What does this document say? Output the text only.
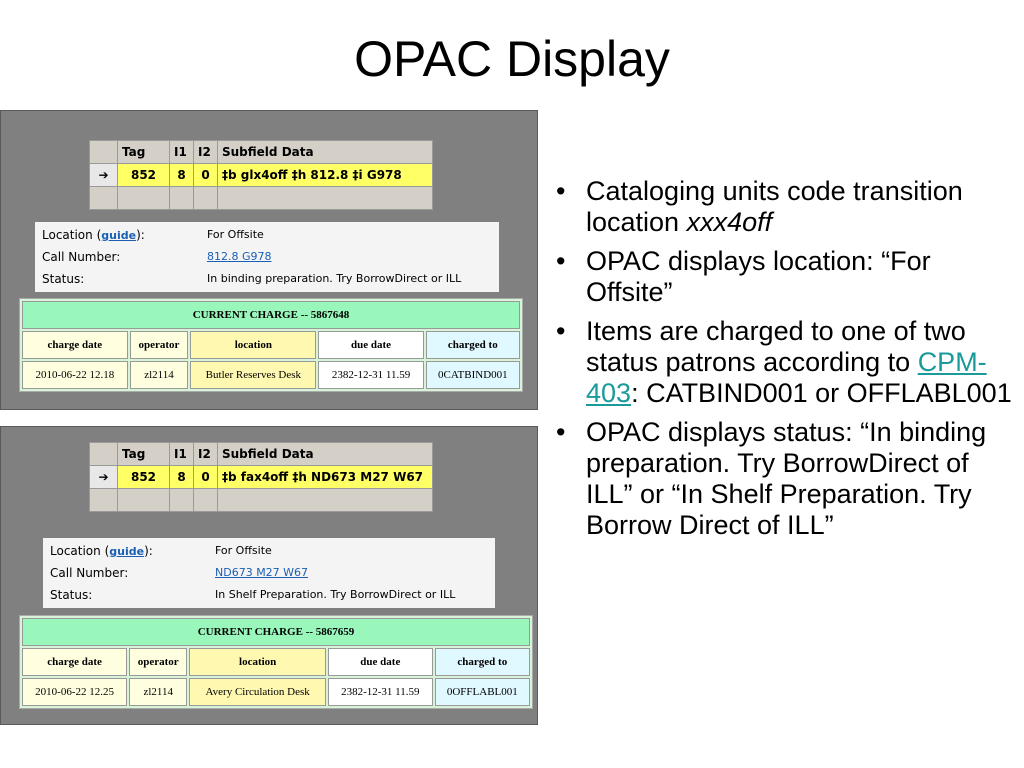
OPAC Display
	Tag	I1	I2	Subfield Data
➔	852	8	0	‡b glx4off ‡h 812.8 ‡i G978

Location (guide):	For Offsite
Call Number:	812.8 G978
Status:	In binding preparation. Try BorrowDirect or ILL
CURRENT CHARGE -- 5867648				
charge date	operator	location	due date	charged to
2010-06-22 12.18	zl2114	Butler Reserves Desk	2382-12-31 11.59	0CATBIND001
	Tag	I1	I2	Subfield Data
➔	852	8	0	‡b fax4off ‡h ND673 M27 W67

Location (guide):	For Offsite
Call Number:	ND673 M27 W67
Status:	In Shelf Preparation. Try BorrowDirect or ILL
CURRENT CHARGE -- 5867659				
charge date	operator	location	due date	charged to
2010-06-22 12.25	zl2114	Avery Circulation Desk	2382-12-31 11.59	0OFFLABL001
• Cataloging units code transition location xxx4off
• OPAC displays location: “For Offsite”
• Items are charged to one of two status patrons according to CPM-403: CATBIND001 or OFFLABL001
• OPAC displays status: “In binding preparation. Try BorrowDirect of ILL” or “In Shelf Preparation. Try Borrow Direct of ILL”
